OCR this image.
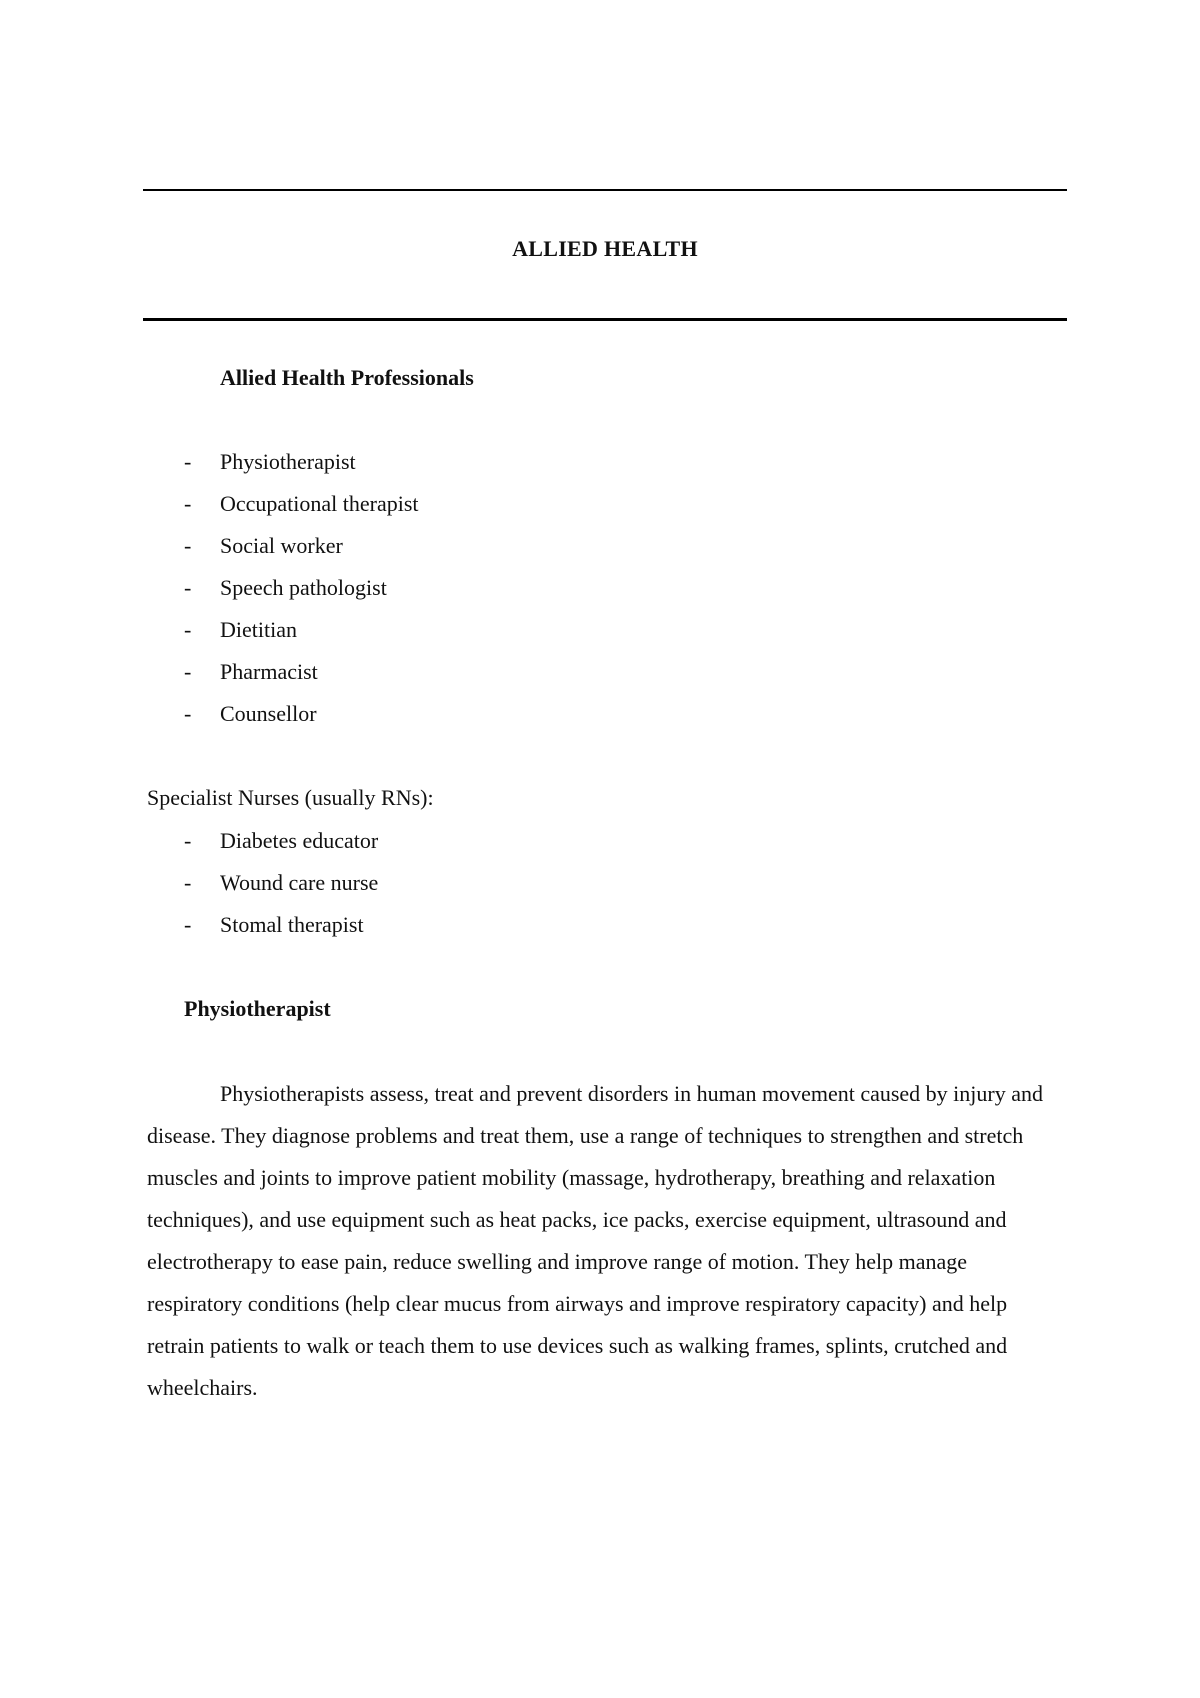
ALLIED HEALTH
Allied Health Professionals
- Physiotherapist
- Occupational therapist
- Social worker
- Speech pathologist
- Dietitian
- Pharmacist
- Counsellor
Specialist Nurses (usually RNs):
- Diabetes educator
- Wound care nurse
- Stomal therapist
Physiotherapist

Physiotherapists assess, treat and prevent disorders in human movement caused by injury and disease. They diagnose problems and treat them, use a range of techniques to strengthen and stretch muscles and joints to improve patient mobility (massage, hydrotherapy, breathing and relaxation techniques), and use equipment such as heat packs, ice packs, exercise equipment, ultrasound and electrotherapy to ease pain, reduce swelling and improve range of motion. They help manage respiratory conditions (help clear mucus from airways and improve respiratory capacity) and help retrain patients to walk or teach them to use devices such as walking frames, splints, crutched and wheelchairs.
